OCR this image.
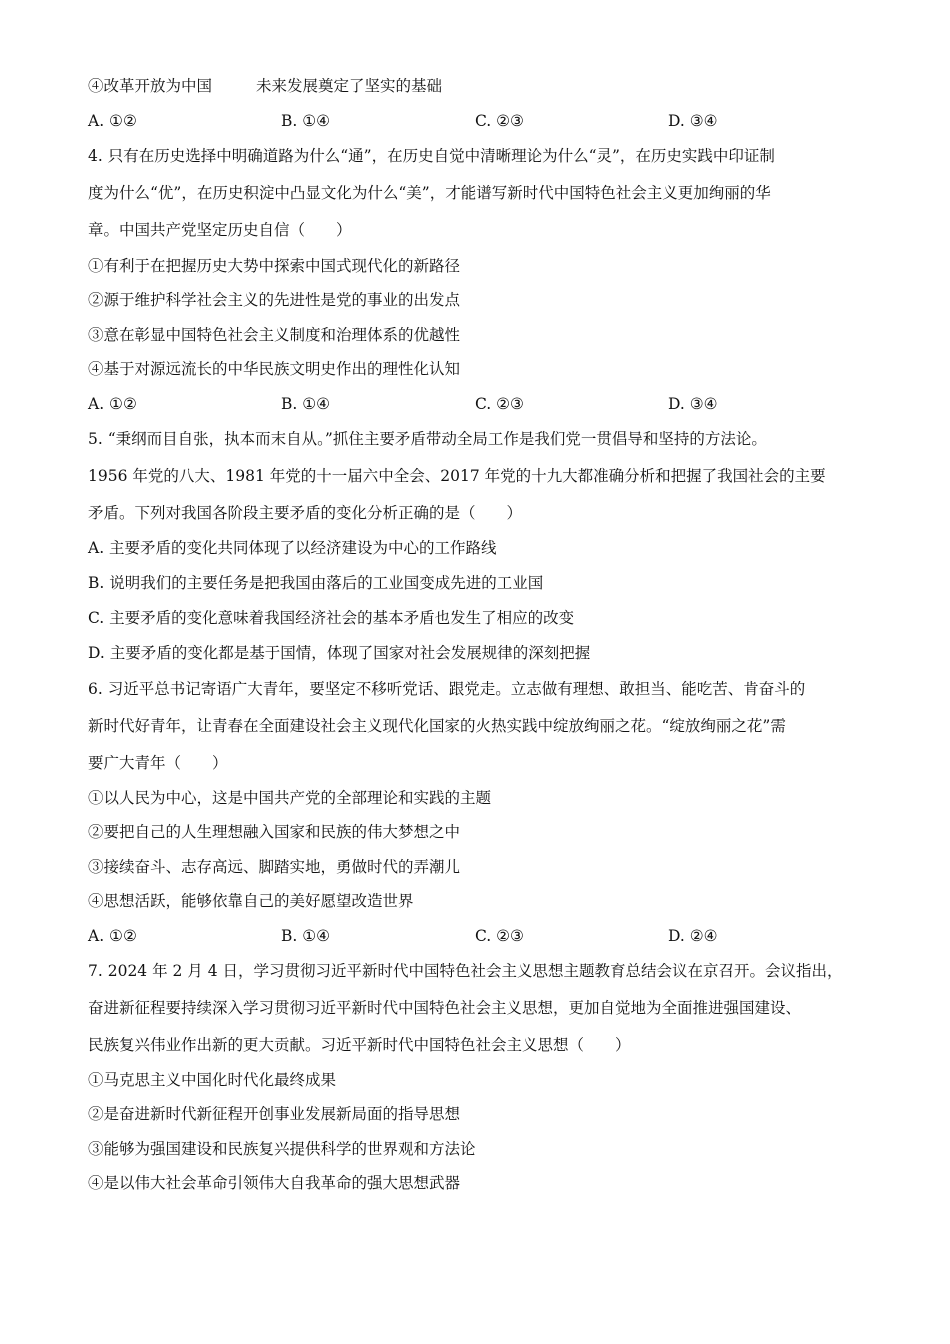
④改革开放为中国	未来发展奠定了坚实的基础
A. ①②	B. ①④	C. ②③	D. ③④
4. 只有在历史选择中明确道路为什么“通”，在历史自觉中清晰理论为什么“灵”，在历史实践中印证制
度为什么“优”，在历史积淀中凸显文化为什么“美”，才能谱写新时代中国特色社会主义更加绚丽的华
章。中国共产党坚定历史自信（　　）
①有利于在把握历史大势中探索中国式现代化的新路径
②源于维护科学社会主义的先进性是党的事业的出发点
③意在彰显中国特色社会主义制度和治理体系的优越性
④基于对源远流长的中华民族文明史作出的理性化认知
A. ①②	B. ①④	C. ②③	D. ③④
5. “秉纲而目自张，执本而末自从。”抓住主要矛盾带动全局工作是我们党一贯倡导和坚持的方法论。
1956 年党的八大、1981 年党的十一届六中全会、2017 年党的十九大都准确分析和把握了我国社会的主要
矛盾。下列对我国各阶段主要矛盾的变化分析正确的是（　　）
A. 主要矛盾的变化共同体现了以经济建设为中心的工作路线
B. 说明我们的主要任务是把我国由落后的工业国变成先进的工业国
C. 主要矛盾的变化意味着我国经济社会的基本矛盾也发生了相应的改变
D. 主要矛盾的变化都是基于国情，体现了国家对社会发展规律的深刻把握
6. 习近平总书记寄语广大青年，要坚定不移听党话、跟党走。立志做有理想、敢担当、能吃苦、肯奋斗的
新时代好青年，让青春在全面建设社会主义现代化国家的火热实践中绽放绚丽之花。“绽放绚丽之花”需
要广大青年（　　）
①以人民为中心，这是中国共产党的全部理论和实践的主题
②要把自己的人生理想融入国家和民族的伟大梦想之中
③接续奋斗、志存高远、脚踏实地，勇做时代的弄潮儿
④思想活跃，能够依靠自己的美好愿望改造世界
A. ①②	B. ①④	C. ②③	D. ②④
7. 2024 年 2 月 4 日，学习贯彻习近平新时代中国特色社会主义思想主题教育总结会议在京召开。会议指出，
奋进新征程要持续深入学习贯彻习近平新时代中国特色社会主义思想，更加自觉地为全面推进强国建设、
民族复兴伟业作出新的更大贡献。习近平新时代中国特色社会主义思想（　　）
①马克思主义中国化时代化最终成果
②是奋进新时代新征程开创事业发展新局面的指导思想
③能够为强国建设和民族复兴提供科学的世界观和方法论
④是以伟大社会革命引领伟大自我革命的强大思想武器
